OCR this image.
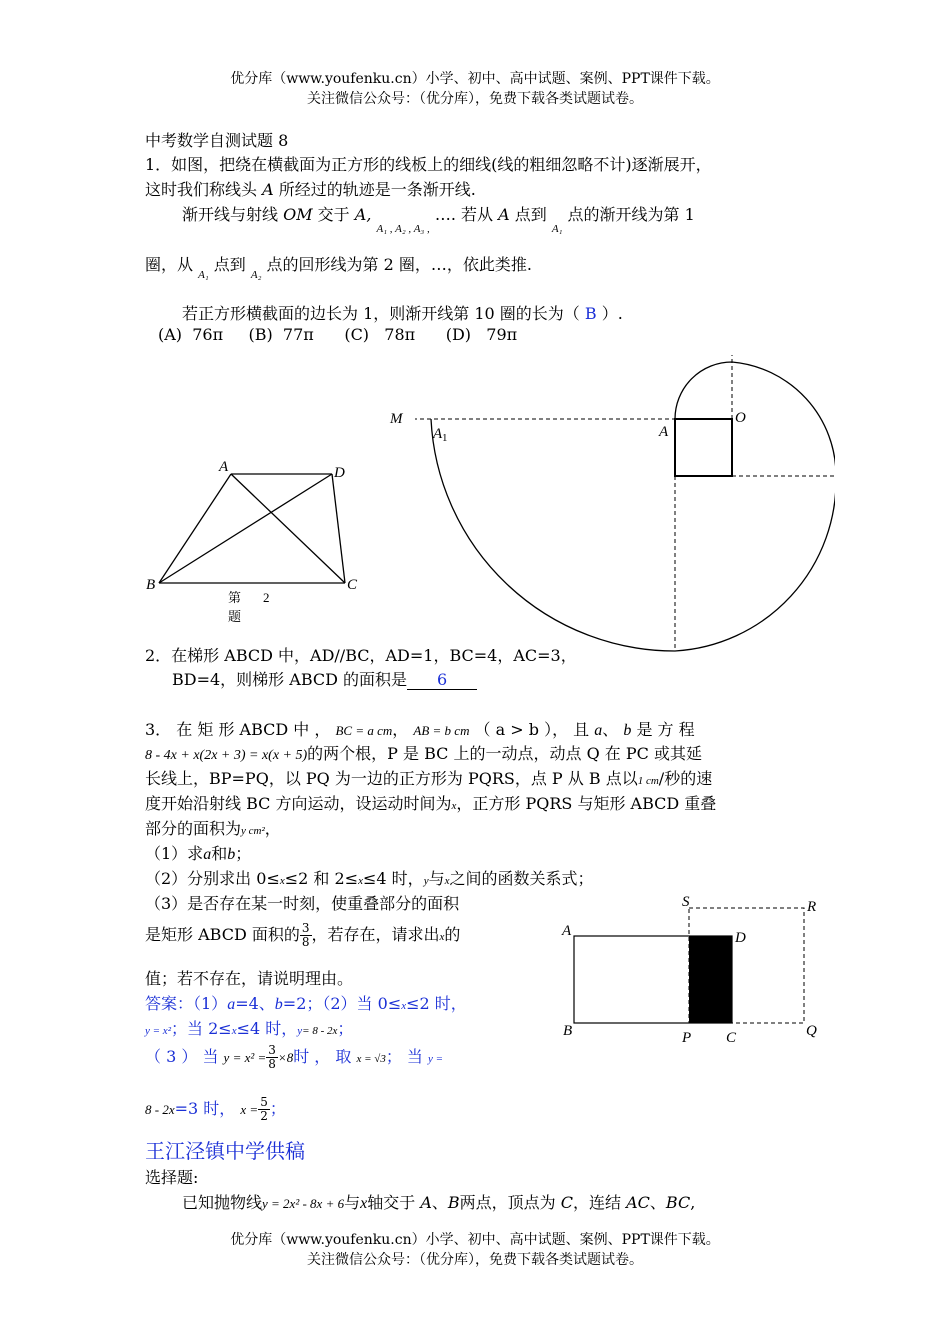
优分库（www.youfenku.cn）小学、初中、高中试题、案例、PPT课件下载。
关注微信公众号：（优分库），免费下载各类试题试卷。
中考数学自测试题 8
1．如图，把绕在横截面为正方形的线板上的细线(线的粗细忽略不计)逐渐展开，
这时我们称线头 A 所经过的轨迹是一条渐开线.
渐开线与射线 OM 交于 A, $_{A_1 , A_2 , A_3 ,}$ …. 若从 A 点到 $_{A_1}$ 点的渐开线为第 1
圈，从 $_{A_1}$ 点到 $_{A_2}$ 点的回形线为第 2 圈，…，依此类推.
若正方形横截面的边长为 1，则渐开线第 10 圈的长为（ B ）.
(A)  76π     (B)  77π      (C)   78π      (D)   79π
A	D
B	C
第 2
题
M
A 1	A
O
2．在梯形 ABCD 中，AD//BC，AD=1，BC=4，AC=3，
BD=4，则梯形 ABCD 的面积是 6
3． 在 矩 形 ABCD 中 ， BC = a cm， AB = b cm （ a > b ）， 且 a、 b 是 方 程
8 - 4x + x(2x + 3) = x(x + 5)的两个根，P 是 BC 上的一动点，动点 Q 在 PC 或其延
长线上，BP=PQ，以 PQ 为一边的正方形为 PQRS，点 P 从 B 点以1 cm/秒的速
度开始沿射线 BC 方向运动，设运动时间为x，正方形 PQRS 与矩形 ABCD 重叠
部分的面积为y cm²，
（1）求a和b；
（2）分别求出 0≤x≤2 和 2≤x≤4 时，y与x之间的函数关系式；
（3）是否存在某一时刻，使重叠部分的面积
是矩形 ABCD 面积的 $\frac{3}{8}$ ，若存在，请求出x的
值；若不存在，请说明理由。
S	R
A	D
B	P C	Q
答案：（1）a=4、b=2；（2）当 0≤x≤2 时，
y = x²；当 2≤x≤4 时，y= 8 - 2x；
（ 3 ） 当 $y = x^2 = \frac{3}{8} \times 8$时 ， 取 x = √3； 当 y =
8 - 2x=3 时， $x = \frac{5}{2}$ ；
王江泾镇中学供稿
选择题:
已知抛物线y = 2x² - 8x + 6与x轴交于 A、B两点，顶点为 C，连结 AC、BC,
优分库（www.youfenku.cn）小学、初中、高中试题、案例、PPT课件下载。
关注微信公众号：（优分库），免费下载各类试题试卷。
